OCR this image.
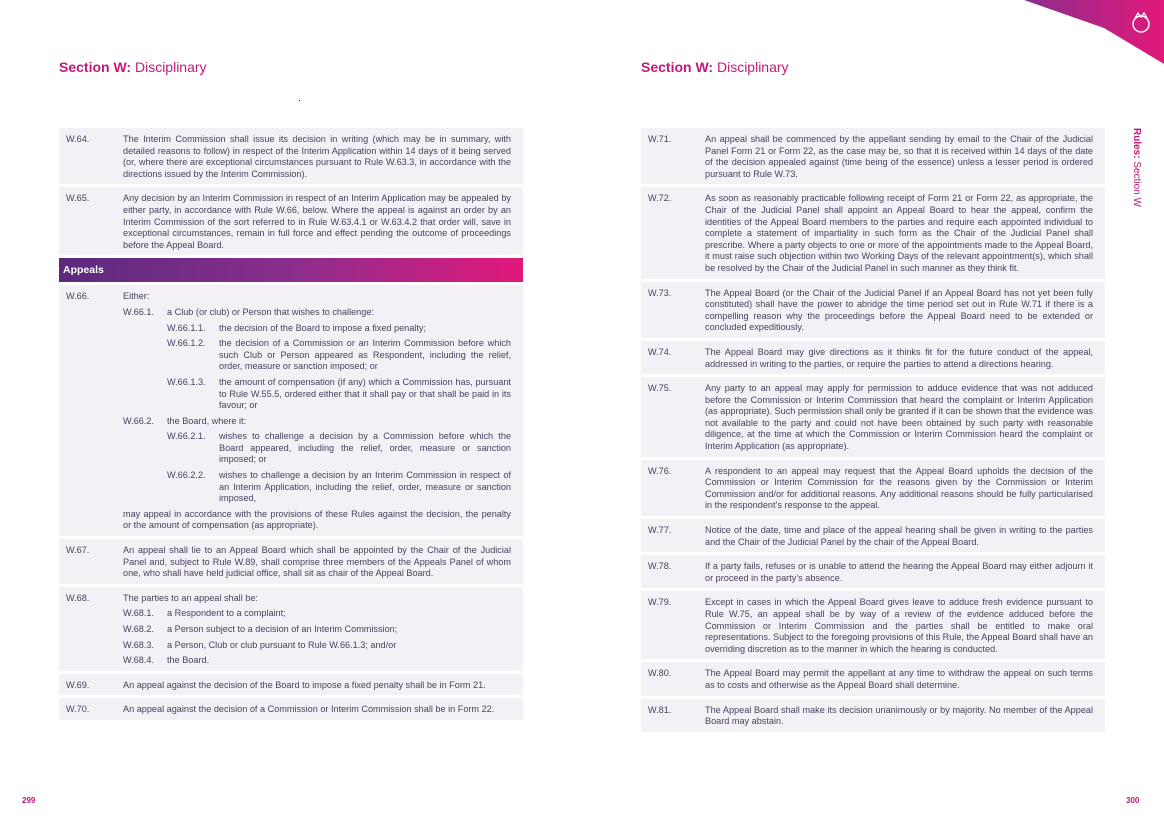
Section W: Disciplinary	Section W: Disciplinary
Rules: Section W
W.64.	The Interim Commission shall issue its decision in writing (which may be in summary, with detailed reasons to follow) in respect of the Interim Application within 14 days of it being served (or, where there are exceptional circumstances pursuant to Rule W.63.3, in accordance with the directions issued by the Interim Commission).
W.65.	Any decision by an Interim Commission in respect of an Interim Application may be appealed by either party, in accordance with Rule W.66, below. Where the appeal is against an order by an Interim Commission of the sort referred to in Rule W.63.4.1 or W.63.4.2 that order will, save in exceptional circumstances, remain in full force and effect pending the outcome of proceedings before the Appeal Board.
Appeals
W.66.	Either:
W.66.1.	a Club (or club) or Person that wishes to challenge:
W.66.1.1.	the decision of the Board to impose a fixed penalty;
W.66.1.2.	the decision of a Commission or an Interim Commission before which such Club or Person appeared as Respondent, including the relief, order, measure or sanction imposed; or
W.66.1.3.	the amount of compensation (if any) which a Commission has, pursuant to Rule W.55.5, ordered either that it shall pay or that shall be paid in its favour; or
W.66.2.	the Board, where it:
W.66.2.1.	wishes to challenge a decision by a Commission before which the Board appeared, including the relief, order, measure or sanction imposed; or
W.66.2.2.	wishes to challenge a decision by an Interim Commission in respect of an Interim Application, including the relief, order, measure or sanction imposed,
may appeal in accordance with the provisions of these Rules against the decision, the penalty or the amount of compensation (as appropriate).
W.67.	An appeal shall lie to an Appeal Board which shall be appointed by the Chair of the Judicial Panel and, subject to Rule W.89, shall comprise three members of the Appeals Panel of whom one, who shall have held judicial office, shall sit as chair of the Appeal Board.
W.68.	The parties to an appeal shall be:
W.68.1.	a Respondent to a complaint;
W.68.2.	a Person subject to a decision of an Interim Commission;
W.68.3.	a Person, Club or club pursuant to Rule W.66.1.3; and/or
W.68.4.	the Board.
W.69.	An appeal against the decision of the Board to impose a fixed penalty shall be in Form 21.
W.70.	An appeal against the decision of a Commission or Interim Commission shall be in Form 22.
W.71.	An appeal shall be commenced by the appellant sending by email to the Chair of the Judicial Panel Form 21 or Form 22, as the case may be, so that it is received within 14 days of the date of the decision appealed against (time being of the essence) unless a lesser period is ordered pursuant to Rule W.73.
W.72.	As soon as reasonably practicable following receipt of Form 21 or Form 22, as appropriate, the Chair of the Judicial Panel shall appoint an Appeal Board to hear the appeal, confirm the identities of the Appeal Board members to the parties and require each appointed individual to complete a statement of impartiality in such form as the Chair of the Judicial Panel shall prescribe. Where a party objects to one or more of the appointments made to the Appeal Board, it must raise such objection within two Working Days of the relevant appointment(s), which shall be resolved by the Chair of the Judicial Panel in such manner as they think fit.
W.73.	The Appeal Board (or the Chair of the Judicial Panel if an Appeal Board has not yet been fully constituted) shall have the power to abridge the time period set out in Rule W.71 if there is a compelling reason why the proceedings before the Appeal Board need to be extended or concluded expeditiously.
W.74.	The Appeal Board may give directions as it thinks fit for the future conduct of the appeal, addressed in writing to the parties, or require the parties to attend a directions hearing.
W.75.	Any party to an appeal may apply for permission to adduce evidence that was not adduced before the Commission or Interim Commission that heard the complaint or Interim Application (as appropriate). Such permission shall only be granted if it can be shown that the evidence was not available to the party and could not have been obtained by such party with reasonable diligence, at the time at which the Commission or Interim Commission heard the complaint or Interim Application (as appropriate).
W.76.	A respondent to an appeal may request that the Appeal Board upholds the decision of the Commission or Interim Commission for the reasons given by the Commission or Interim Commission and/or for additional reasons. Any additional reasons should be fully particularised in the respondent’s response to the appeal.
W.77.	Notice of the date, time and place of the appeal hearing shall be given in writing to the parties and the Chair of the Judicial Panel by the chair of the Appeal Board.
W.78.	If a party fails, refuses or is unable to attend the hearing the Appeal Board may either adjourn it or proceed in the party’s absence.
W.79.	Except in cases in which the Appeal Board gives leave to adduce fresh evidence pursuant to Rule W.75, an appeal shall be by way of a review of the evidence adduced before the Commission or Interim Commission and the parties shall be entitled to make oral representations. Subject to the foregoing provisions of this Rule, the Appeal Board shall have an overriding discretion as to the manner in which the hearing is conducted.
W.80.	The Appeal Board may permit the appellant at any time to withdraw the appeal on such terms as to costs and otherwise as the Appeal Board shall determine.
W.81.	The Appeal Board shall make its decision unanimously or by majority. No member of the Appeal Board may abstain.
299	300
